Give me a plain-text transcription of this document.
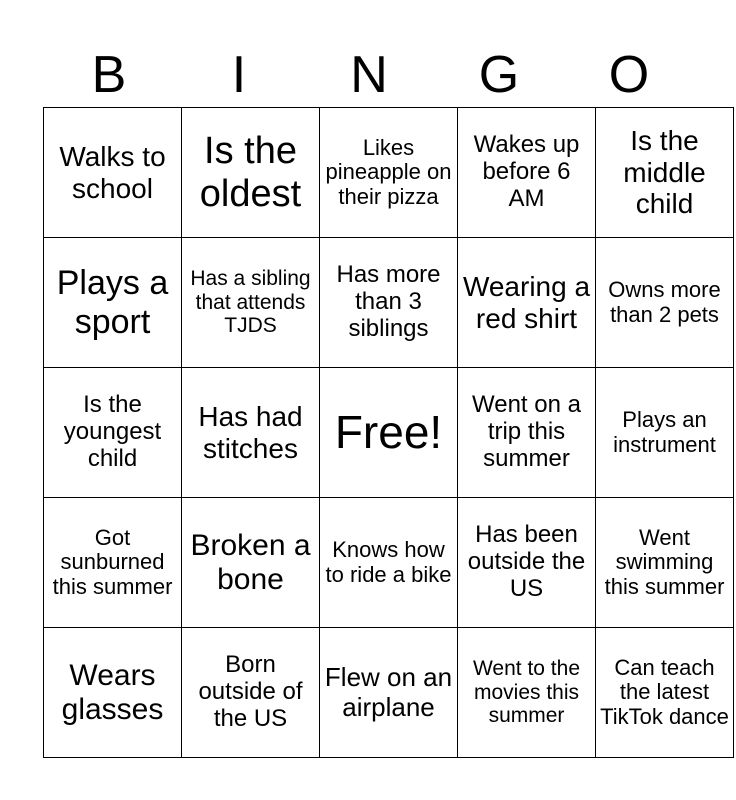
B	I	N	G	O
Walks to school	Is the oldest	Likes pineapple on their pizza	Wakes up before 6 AM	Is the middle child
Plays a sport	Has a sibling that attends TJDS	Has more than 3 siblings	Wearing a red shirt	Owns more than 2 pets
Is the youngest child	Has had stitches	Free!	Went on a trip this summer	Plays an instrument
Got sunburned this summer	Broken a bone	Knows how to ride a bike	Has been outside the US	Went swimming this summer
Wears glasses	Born outside of the US	Flew on an airplane	Went to the movies this summer	Can teach the latest TikTok dance
